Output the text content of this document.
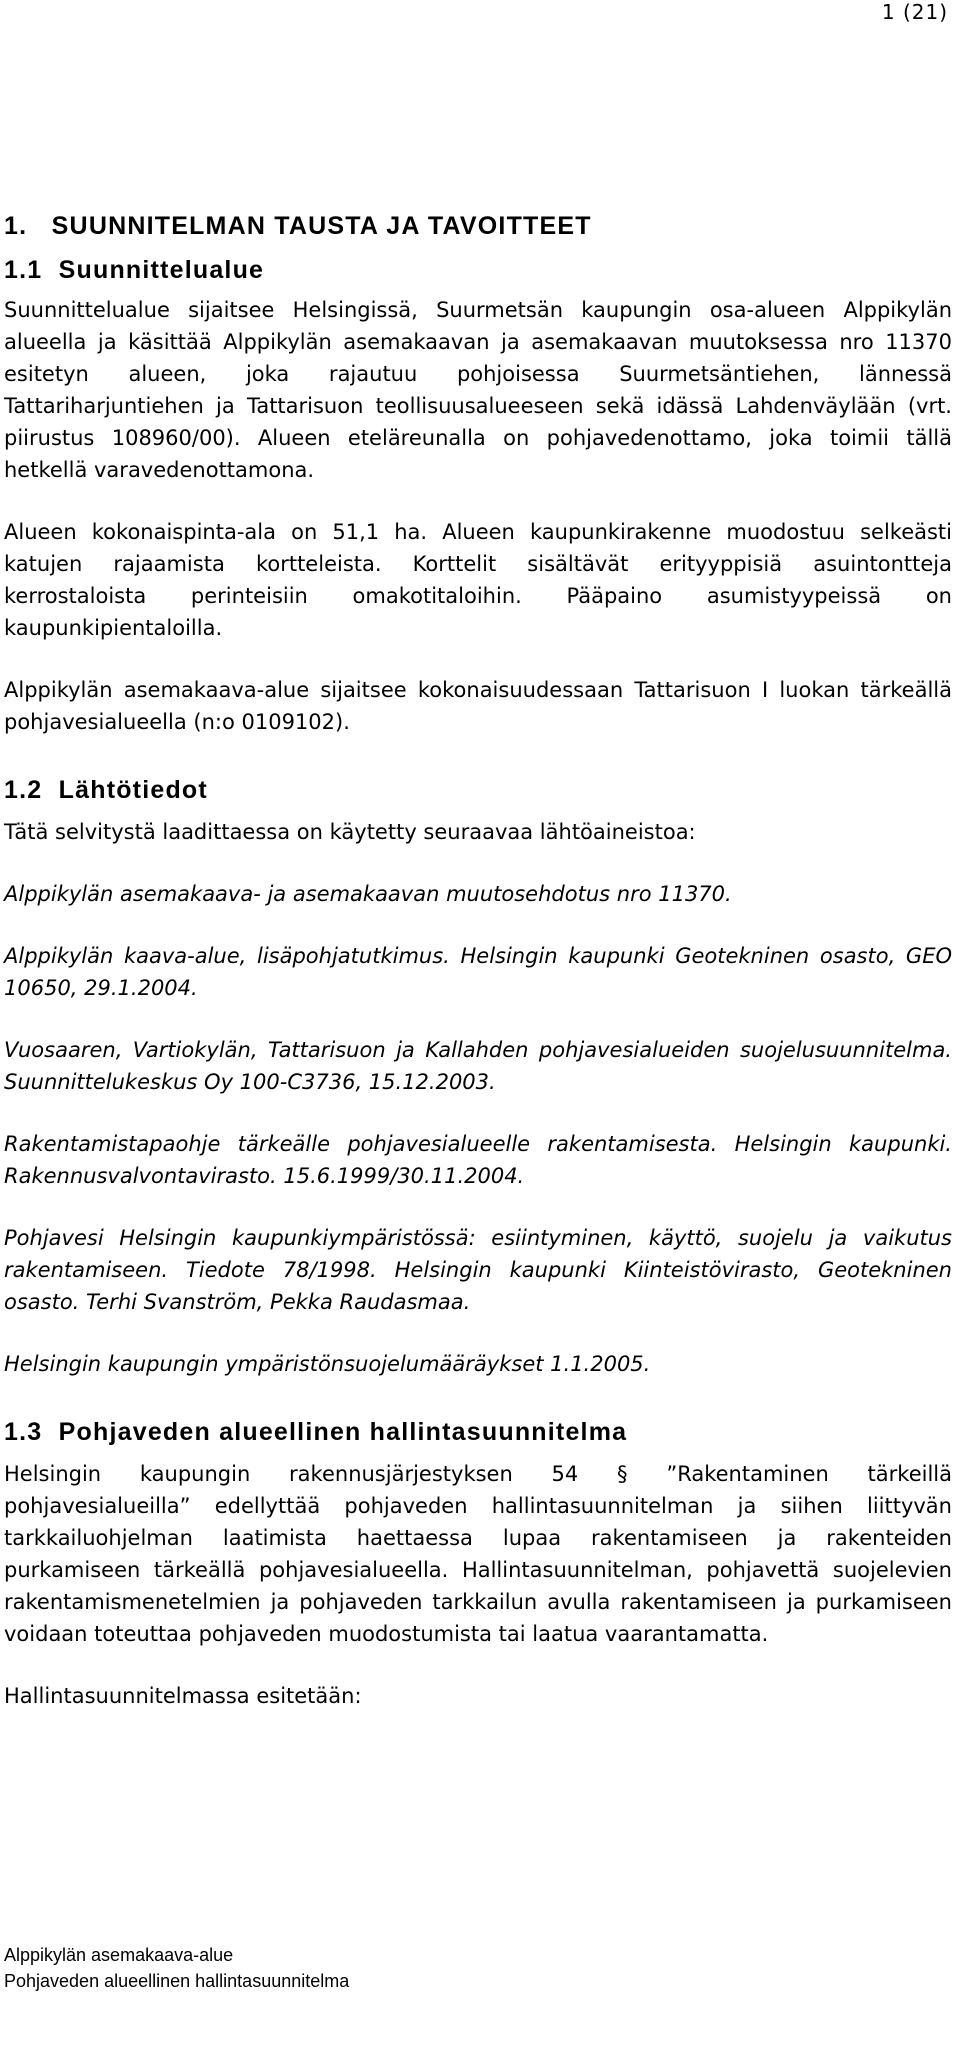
1 (21)
1.   SUUNNITELMAN TAUSTA JA TAVOITTEET
1.1  Suunnittelualue

Suunnittelualue sijaitsee Helsingissä, Suurmetsän kaupungin osa-alueen Alppikylän alueella ja käsittää Alppikylän asemakaavan ja asemakaavan muutoksessa nro 11370 esitetyn alueen, joka rajautuu pohjoisessa Suurmetsäntiehen, lännessä Tattariharjuntiehen ja Tattarisuon teollisuusalueeseen sekä idässä Lahdenväylään (vrt. piirustus 108960/00). Alueen eteläreunalla on pohjavedenottamo, joka toimii tällä hetkellä varavedenottamona.

Alueen kokonaispinta-ala on 51,1 ha. Alueen kaupunkirakenne muodostuu selkeästi katujen rajaamista kortteleista. Korttelit sisältävät erityyppisiä asuintontteja kerrostaloista perinteisiin omakotitaloihin. Pääpaino asumistyypeissä on kaupunkipientaloilla.

Alppikylän asemakaava-alue sijaitsee kokonaisuudessaan Tattarisuon I luokan tärkeällä pohjavesialueella (n:o 0109102).

1.2  Lähtötiedot

Tätä selvitystä laadittaessa on käytetty seuraavaa lähtöaineistoa:

Alppikylän asemakaava- ja asemakaavan muutosehdotus nro 11370.

Alppikylän kaava-alue, lisäpohjatutkimus. Helsingin kaupunki Geotekninen osasto, GEO 10650, 29.1.2004.

Vuosaaren, Vartiokylän, Tattarisuon ja Kallahden pohjavesialueiden suojelusuunnitelma. Suunnittelukeskus Oy 100-C3736, 15.12.2003.

Rakentamistapaohje tärkeälle pohjavesialueelle rakentamisesta. Helsingin kaupunki. Rakennusvalvontavirasto. 15.6.1999/30.11.2004.

Pohjavesi Helsingin kaupunkiympäristössä: esiintyminen, käyttö, suojelu ja vaikutus rakentamiseen. Tiedote 78/1998. Helsingin kaupunki Kiinteistövirasto, Geotekninen osasto. Terhi Svanström, Pekka Raudasmaa.

Helsingin kaupungin ympäristönsuojelumääräykset 1.1.2005.

1.3  Pohjaveden alueellinen hallintasuunnitelma

Helsingin kaupungin rakennusjärjestyksen 54 § ”Rakentaminen tärkeillä pohjavesialueilla” edellyttää pohjaveden hallintasuunnitelman ja siihen liittyvän tarkkailuohjelman laatimista haettaessa lupaa rakentamiseen ja rakenteiden purkamiseen tärkeällä pohjavesialueella. Hallintasuunnitelman, pohjavettä suojelevien rakentamismenetelmien ja pohjaveden tarkkailun avulla rakentamiseen ja purkamiseen voidaan toteuttaa pohjaveden muodostumista tai laatua vaarantamatta.

Hallintasuunnitelmassa esitetään:

Alppikylän asemakaava-alue
Pohjaveden alueellinen hallintasuunnitelma
